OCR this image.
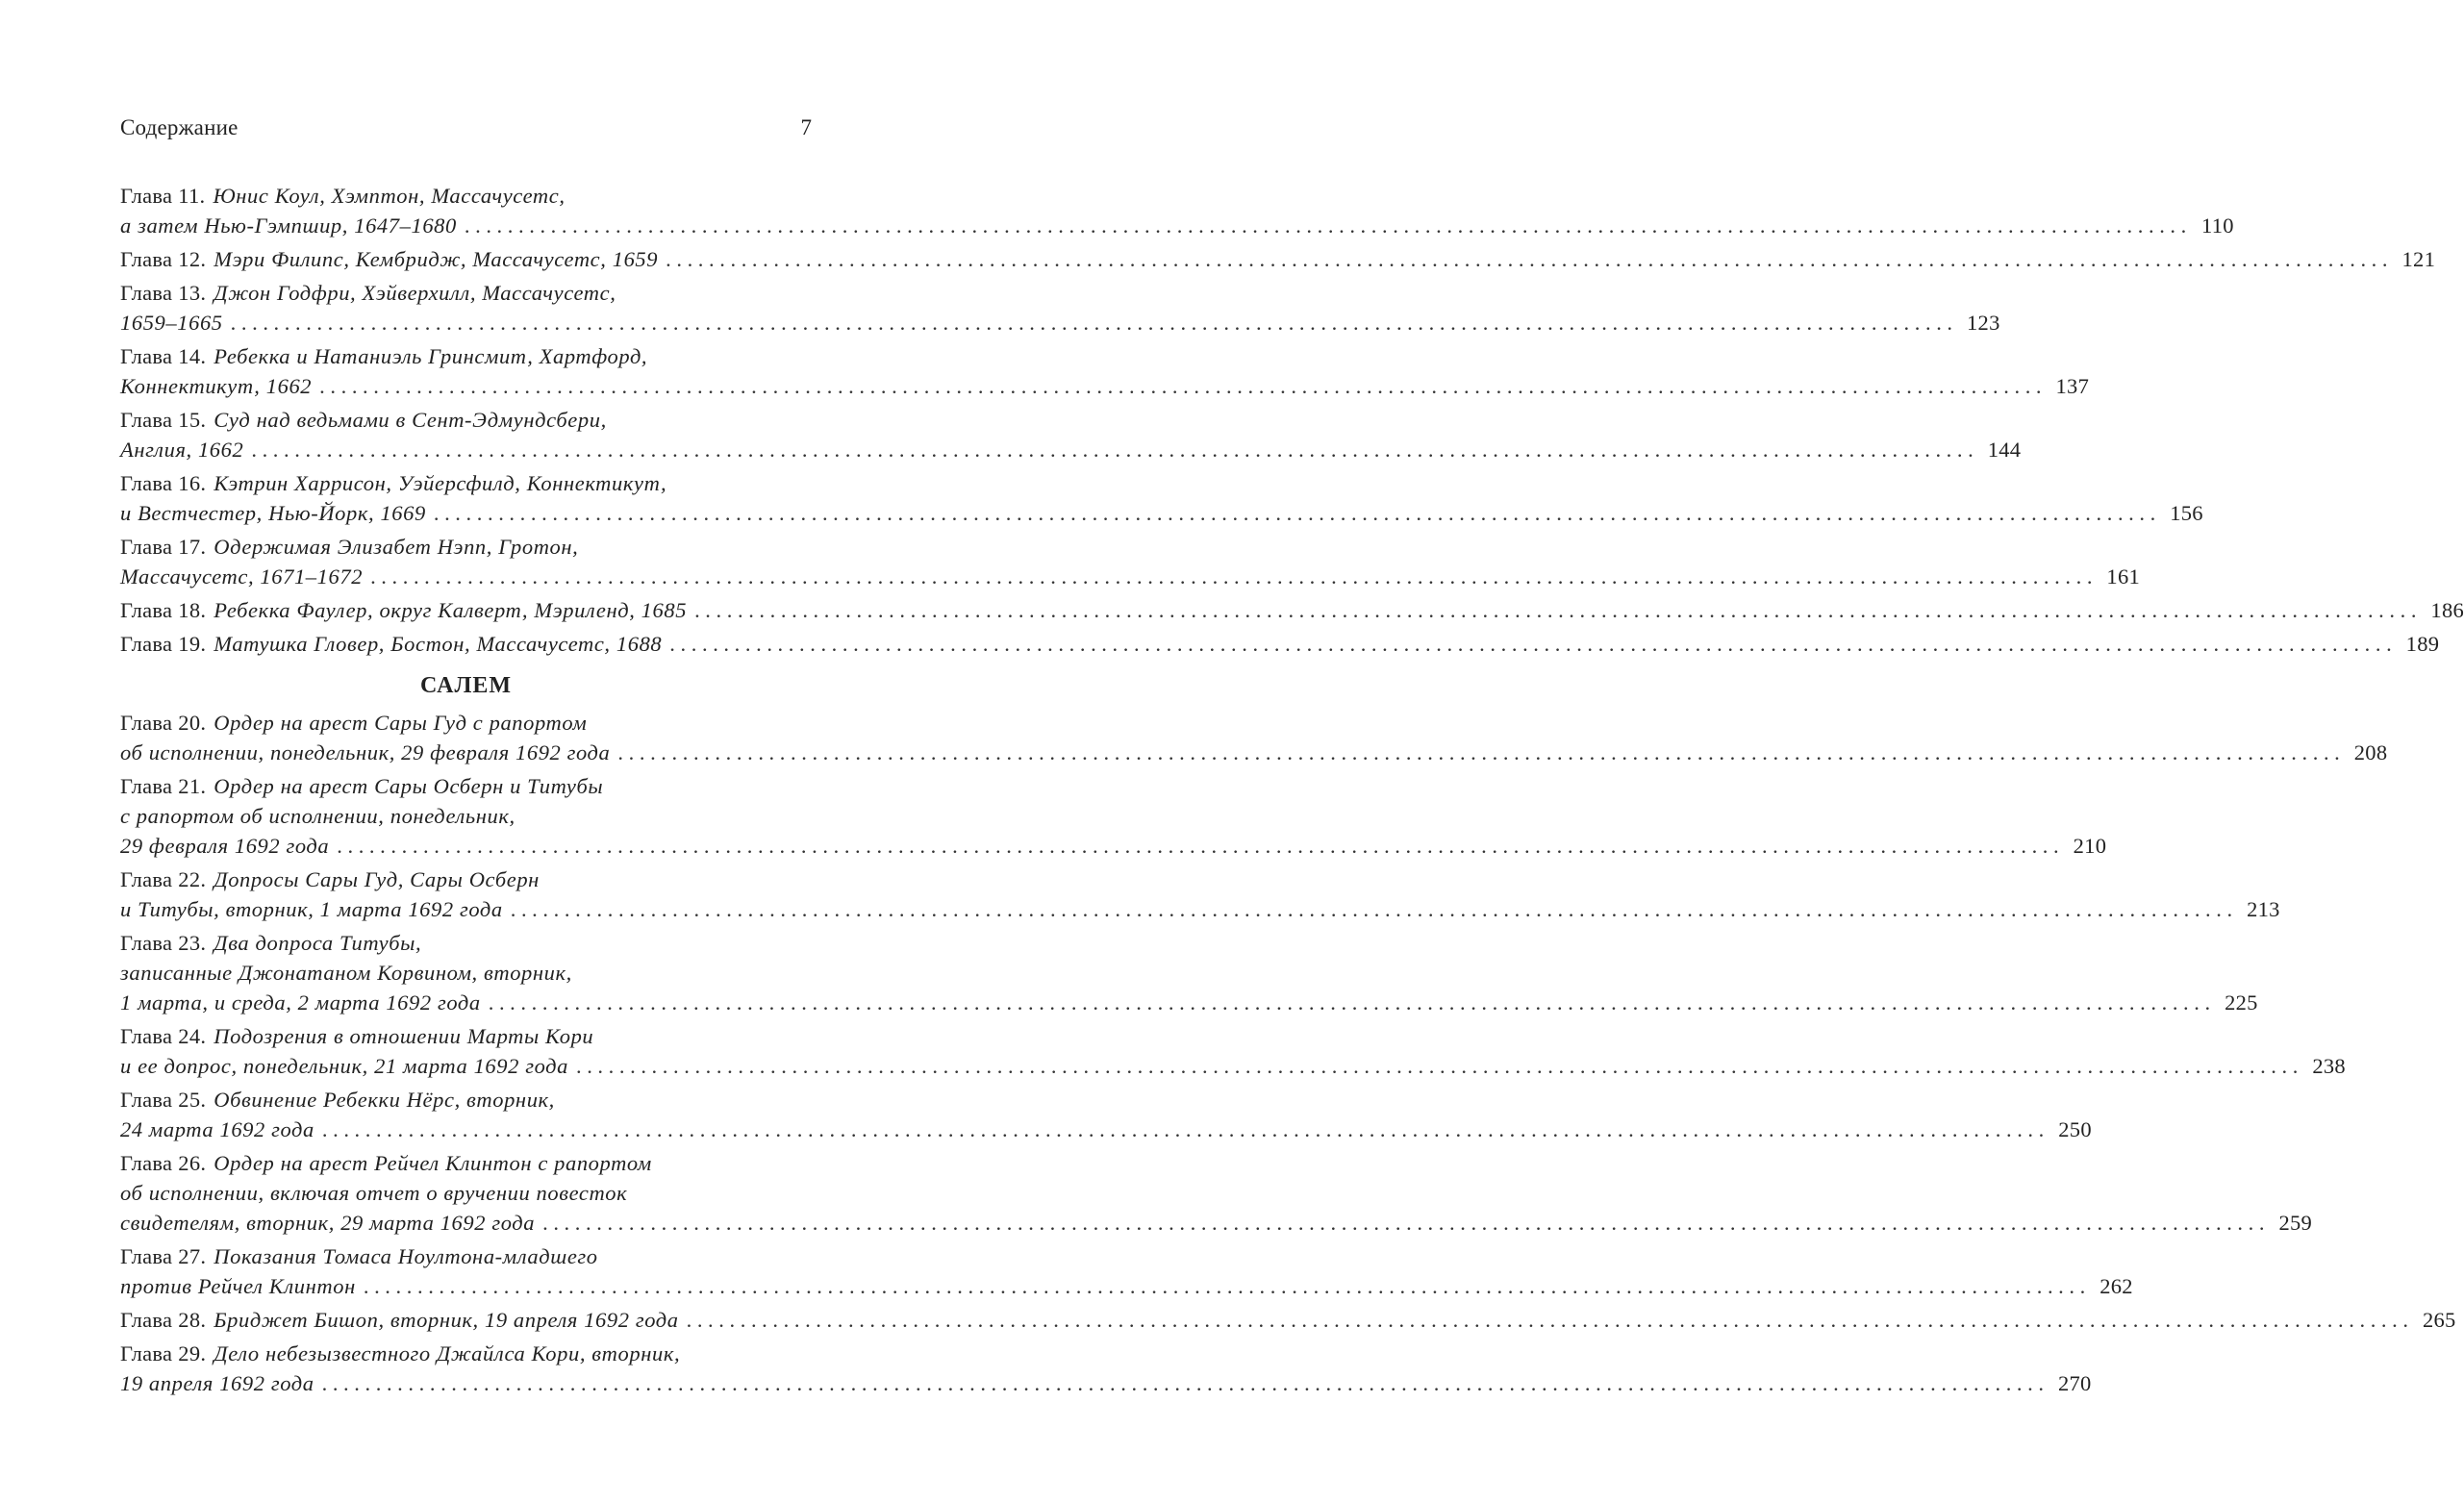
Содержание	7
Глава 11. Юнис Коул, Хэмптон, Массачусетс,
а затем Нью-Гэмпшир, 1647–1680 ................................................................................................................................................................ 110
Глава 12. Мэри Филипс, Кембридж, Массачусетс, 1659 ................................................................................................................................................................ 121
Глава 13. Джон Годфри, Хэйверхилл, Массачусетс,
1659–1665 ................................................................................................................................................................ 123
Глава 14. Ребекка и Натаниэль Гринсмит, Хартфорд,
Коннектикут, 1662 ................................................................................................................................................................ 137
Глава 15. Суд над ведьмами в Сент-Эдмундсбери,
Англия, 1662 ................................................................................................................................................................ 144
Глава 16. Кэтрин Харрисон, Уэйерсфилд, Коннектикут,
и Вестчестер, Нью-Йорк, 1669 ................................................................................................................................................................ 156
Глава 17. Одержимая Элизабет Нэпп, Гротон,
Массачусетс, 1671–1672 ................................................................................................................................................................ 161
Глава 18. Ребекка Фаулер, округ Калверт, Мэриленд, 1685 ................................................................................................................................................................ 186
Глава 19. Матушка Гловер, Бостон, Массачусетс, 1688 ................................................................................................................................................................ 189
САЛЕМ
Глава 20. Ордер на арест Сары Гуд с рапортом
об исполнении, понедельник, 29 февраля 1692 года ................................................................................................................................................................ 208
Глава 21. Ордер на арест Сары Осберн и Титубы
с рапортом об исполнении, понедельник,
29 февраля 1692 года ................................................................................................................................................................ 210
Глава 22. Допросы Сары Гуд, Сары Осберн
и Титубы, вторник, 1 марта 1692 года ................................................................................................................................................................ 213
Глава 23. Два допроса Титубы,
записанные Джонатаном Корвином, вторник,
1 марта, и среда, 2 марта 1692 года ................................................................................................................................................................ 225
Глава 24. Подозрения в отношении Марты Кори
и ее допрос, понедельник, 21 марта 1692 года ................................................................................................................................................................ 238
Глава 25. Обвинение Ребекки Нёрс, вторник,
24 марта 1692 года ................................................................................................................................................................ 250
Глава 26. Ордер на арест Рейчел Клинтон с рапортом
об исполнении, включая отчет о вручении повесток
свидетелям, вторник, 29 марта 1692 года ................................................................................................................................................................ 259
Глава 27. Показания Томаса Ноултона-младшего
против Рейчел Клинтон ................................................................................................................................................................ 262
Глава 28. Бриджет Бишоп, вторник, 19 апреля 1692 года ................................................................................................................................................................ 265
Глава 29. Дело небезызвестного Джайлса Кори, вторник,
19 апреля 1692 года ................................................................................................................................................................ 270
